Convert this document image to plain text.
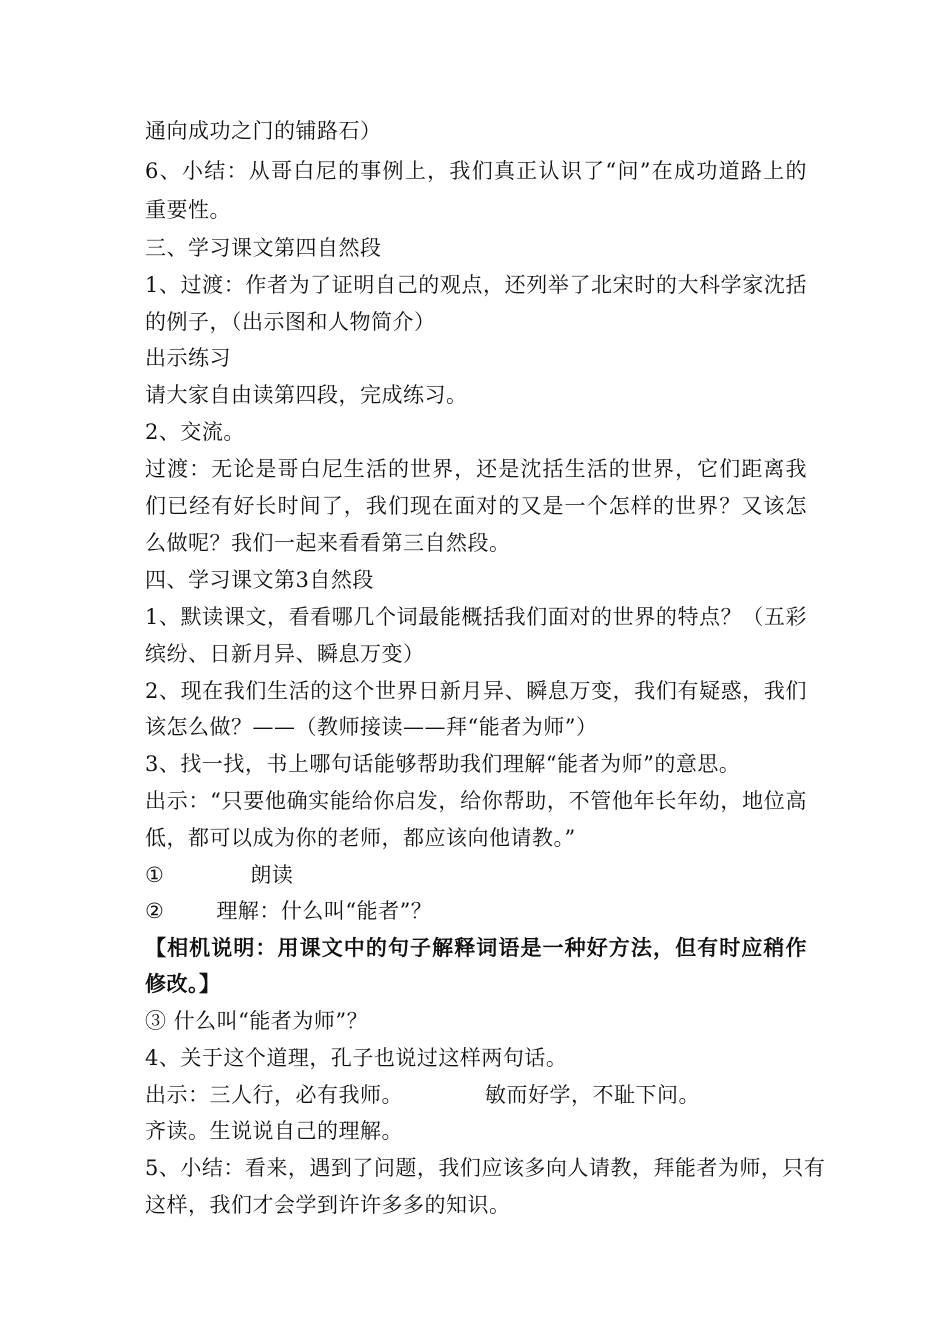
通向成功之门的铺路石）
6、小结：从哥白尼的事例上，我们真正认识了“问”在成功道路上的
重要性。
三、学习课文第四自然段
1、过渡：作者为了证明自己的观点，还列举了北宋时的大科学家沈括
的例子，（出示图和人物简介）
出示练习
请大家自由读第四段，完成练习。
2、交流。
过渡：无论是哥白尼生活的世界，还是沈括生活的世界，它们距离我
们已经有好长时间了，我们现在面对的又是一个怎样的世界？又该怎
么做呢？我们一起来看看第三自然段。
四、学习课文第3自然段
1、默读课文，看看哪几个词最能概括我们面对的世界的特点？（五彩
缤纷、日新月异、瞬息万变）
2、现在我们生活的这个世界日新月异、瞬息万变，我们有疑惑，我们
该怎么做？——（教师接读——拜“能者为师”）
3、找一找，书上哪句话能够帮助我们理解“能者为师”的意思。
出示：“只要他确实能给你启发，给你帮助，不管他年长年幼，地位高
低，都可以成为你的老师，都应该向他请教。”
①	朗读
② 理解：什么叫“能者”？
【相机说明：用课文中的句子解释词语是一种好方法，但有时应稍作
修改。】
③ 什么叫“能者为师”？
4、关于这个道理，孔子也说过这样两句话。
出示：三人行，必有我师。	敏而好学，不耻下问。
齐读。生说说自己的理解。
5、小结：看来，遇到了问题，我们应该多向人请教，拜能者为师，只有
这样，我们才会学到许许多多的知识。
